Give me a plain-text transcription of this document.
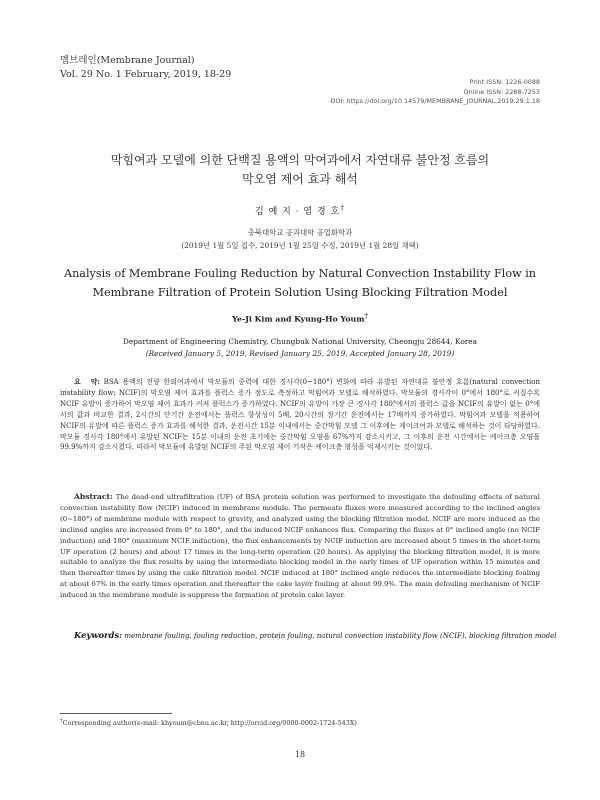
멤브레인(Membrane Journal)
Vol. 29 No. 1 February, 2019, 18-29
Print ISSN: 1226-0088
Online ISSN: 2288-7253
DOI: https://doi.org/10.14579/MEMBRANE_JOURNAL.2019.29.1.18
막힘여과 모델에 의한 단백질 용액의 막여과에서 자연대류 불안정 흐름의
막오염 제어 효과 해석
김 예 지 · 염 경 호†
충북대학교 공과대학 공업화학과
(2019년 1월 5일 접수, 2019년 1월 25일 수정, 2019년 1월 28일 채택)
Analysis of Membrane Fouling Reduction by Natural Convection Instability Flow in
Membrane Filtration of Protein Solution Using Blocking Filtration Model
Ye-Ji Kim and Kyung-Ho Youm†
Department of Engineering Chemistry, Chungbuk National University, Cheongju 28644, Korea
(Received January 5, 2019, Revised January 25, 2019, Accepted January 28, 2019)
요　약: BSA 용액의 전량 한외여과에서 막모듈의 중력에 대한 경사각(0~180°) 변화에 따라 유발된 자연대류 불안정 흐름(natural convection instability flow; NCIF)의 막오염 제어 효과를 플럭스 증가 정도로 측정하고 막힘여과 모델로 해석하였다. 막모듈의 경사각이 0°에서 180°로 커질수록 NCIF 유발이 증가하여 막오염 제어 효과가 커져 플럭스가 증가하였다. NCIF의 유발이 가장 큰 경사각 180°에서의 플럭스 값을 NCIF의 유발이 없는 0°에서의 값과 비교한 결과, 2시간의 단기간 운전에서는 플럭스 향상성이 5배, 20시간의 장기간 운전에서는 17배까지 증가하였다. 막힘여과 모델을 적용하여 NCIF의 유발에 따른 플럭스 증가 효과를 해석한 결과, 운전시간 15분 이내에서는 중간막힘 모델 그 이후에는 케이크여과 모델로 해석하는 것이 타당하였다. 막모듈 경사각 180°에서 유발된 NCIF는 15분 이내의 운전 초기에는 중간막힘 오염을 67%까지 감소시키고, 그 이후의 운전 시간에서는 케이크층 오염을 99.9%까지 감소시켰다. 따라서 막모듈에 유발된 NCIF의 주된 막오염 제어 기작은 케이크층 형성을 억제시키는 것이었다.
Abstract: The dead-end ultrafiltration (UF) of BSA protein solution was performed to investigate the defouling effects of natural convection instability flow (NCIF) induced in membrane module. The permeate fluxes were measured according to the inclined angles (0~180°) of membrane module with respect to gravity, and analyzed using the blocking filtration model. NCIF are more induced as the inclined angles are increased from 0° to 180°, and the induced NCIF enhances flux. Comparing the fluxes at 0° inclined angle (no NCIF induction) and 180° (maximum NCIF induction), the flux enhancements by NCIF induction are increased about 5 times in the short-term UF operation (2 hours) and about 17 times in the long-term operation (20 hours). As applying the blocking filtration model, it is more suitable to analyze the flux results by using the intermediate blocking model in the early times of UF operation within 15 minutes and then thereafter times by using the cake filtration model. NCIF induced at 180° inclined angle reduces the intermediate blocking fouling at about 67% in the early times operation and thereafter the cake layer fouling at about 99.9%. The main defouling mechanism of NCIF induced in the membrane module is suppress the formation of protein cake layer.
Keywords: membrane fouling, fouling reduction, protein fouling, natural convection instability flow (NCIF), blocking filtration model
†Corresponding author(e-mail: khyoum@cbnu.ac.kr, http://orcid.org/0000-0002-1724-543X)
18
